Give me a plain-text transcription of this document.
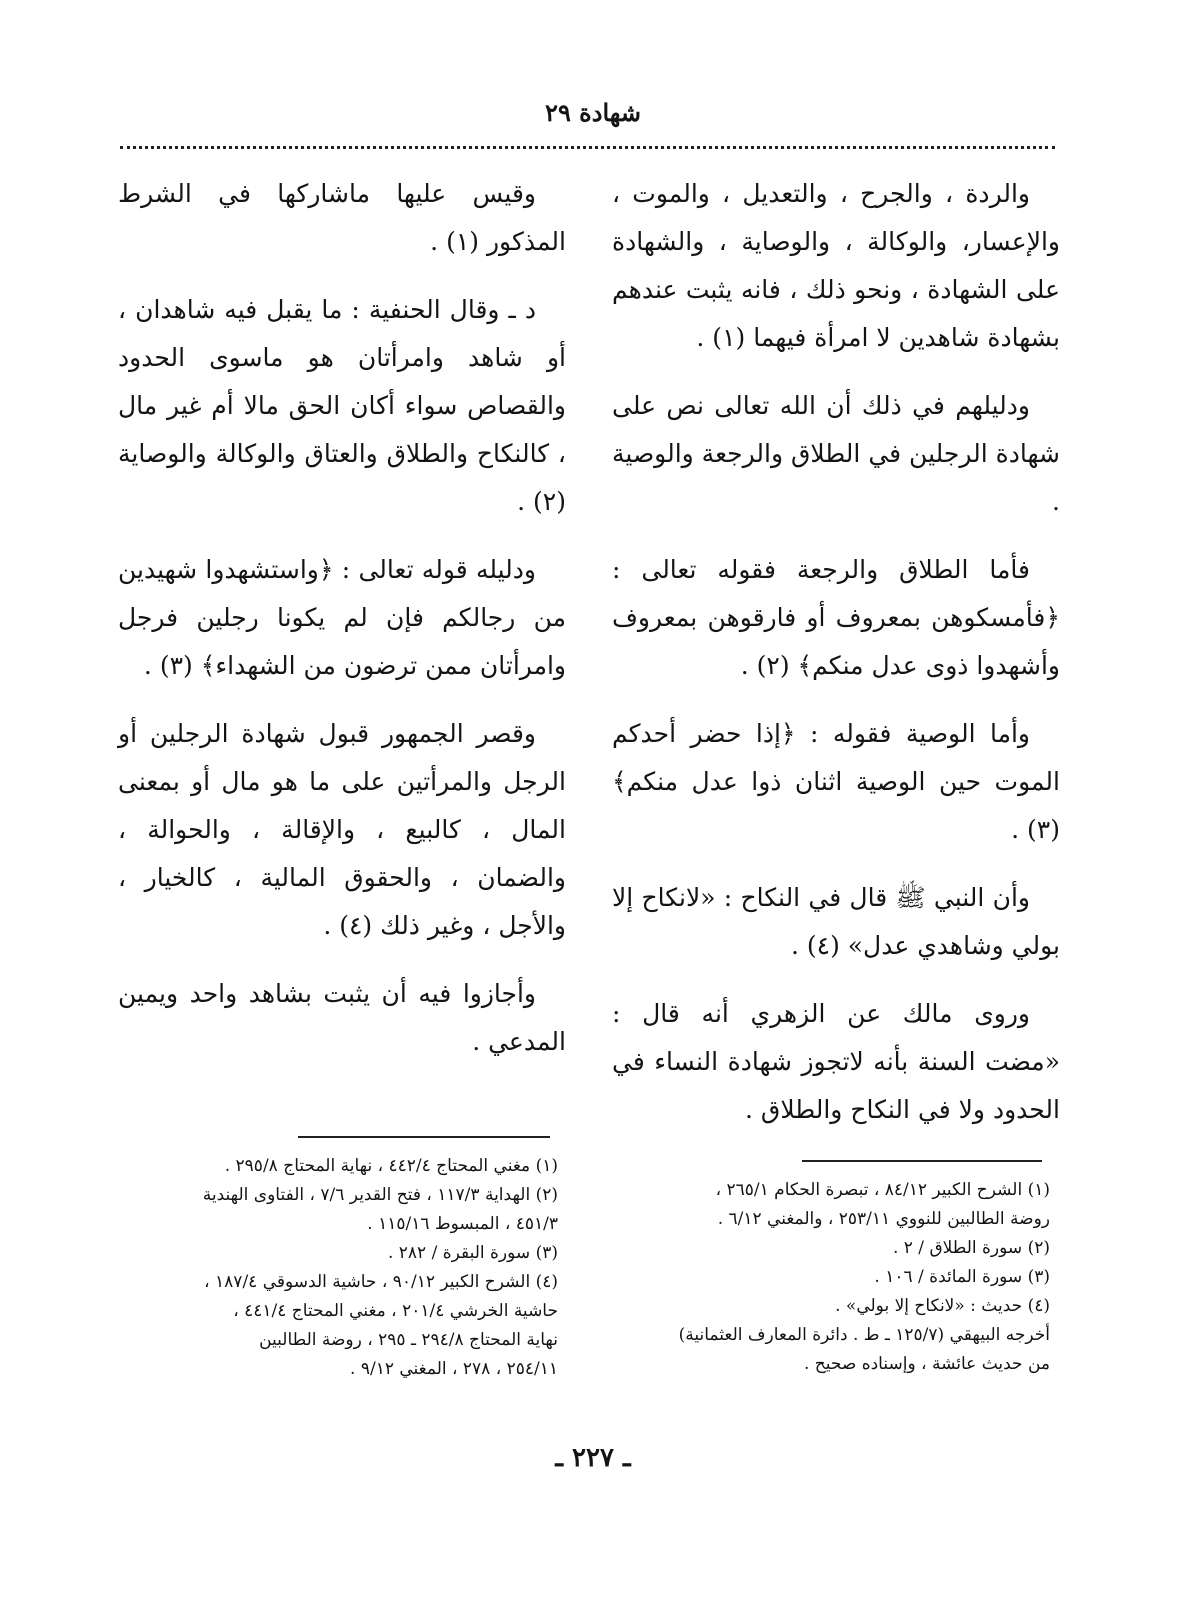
شهادة ٢٩

والردة ، والجرح ، والتعديل ، والموت ، والإعسار، والوكالة ، والوصاية ، والشهادة على الشهادة ، ونحو ذلك ، فانه يثبت عندهم بشهادة شاهدين لا امرأة فيهما (١) .

ودليلهم في ذلك أن الله تعالى نص على شهادة الرجلين في الطلاق والرجعة والوصية .

فأما الطلاق والرجعة فقوله تعالى : ﴿فأمسكوهن بمعروف أو فارقوهن بمعروف وأشهدوا ذوى عدل منكم﴾ (٢) .

وأما الوصية فقوله : ﴿إذا حضر أحدكم الموت حين الوصية اثنان ذوا عدل منكم﴾ (٣) .

وأن النبي ﷺ قال في النكاح : «لانكاح إلا بولي وشاهدي عدل» (٤) .

وروى مالك عن الزهري أنه قال : «مضت السنة بأنه لاتجوز شهادة النساء في الحدود ولا في النكاح والطلاق .

وقيس عليها ماشاركها في الشرط المذكور (١) .

د ـ وقال الحنفية : ما يقبل فيه شاهدان ، أو شاهد وامرأتان هو ماسوى الحدود والقصاص سواء أكان الحق مالا أم غير مال ، كالنكاح والطلاق والعتاق والوكالة والوصاية (٢) .

ودليله قوله تعالى : ﴿واستشهدوا شهيدين من رجالكم فإن لم يكونا رجلين فرجل وامرأتان ممن ترضون من الشهداء﴾ (٣) .

وقصر الجمهور قبول شهادة الرجلين أو الرجل والمرأتين على ما هو مال أو بمعنى المال ، كالبيع ، والإقالة ، والحوالة ، والضمان ، والحقوق المالية ، كالخيار ، والأجل ، وغير ذلك (٤) .

وأجازوا فيه أن يثبت بشاهد واحد ويمين المدعي .

(١) الشرح الكبير ٨٤/١٢ ، تبصرة الحكام ٢٦٥/١ ،

روضة الطالبين للنووي ٢٥٣/١١ ، والمغني ٦/١٢ .

(٢) سورة الطلاق / ٢ .

(٣) سورة المائدة / ١٠٦ .

(٤) حديث : «لانكاح إلا بولي» .

أخرجه البيهقي (١٢٥/٧ ـ ط . دائرة المعارف العثمانية)

من حديث عائشة ، وإسناده صحيح .

(١) مغني المحتاج ٤٤٢/٤ ، نهاية المحتاج ٢٩٥/٨ .

(٢) الهداية ١١٧/٣ ، فتح القدير ٧/٦ ، الفتاوى الهندية

٤٥١/٣ ، المبسوط ١١٥/١٦ .

(٣) سورة البقرة / ٢٨٢ .

(٤) الشرح الكبير ٩٠/١٢ ، حاشية الدسوقي ١٨٧/٤ ،

حاشية الخرشي ٢٠١/٤ ، مغني المحتاج ٤٤١/٤ ،

نهاية المحتاج ٢٩٤/٨ ـ ٢٩٥ ، روضة الطالبين

٢٥٤/١١ ، ٢٧٨ ، المغني ٩/١٢ .

ـ ٢٢٧ ـ
